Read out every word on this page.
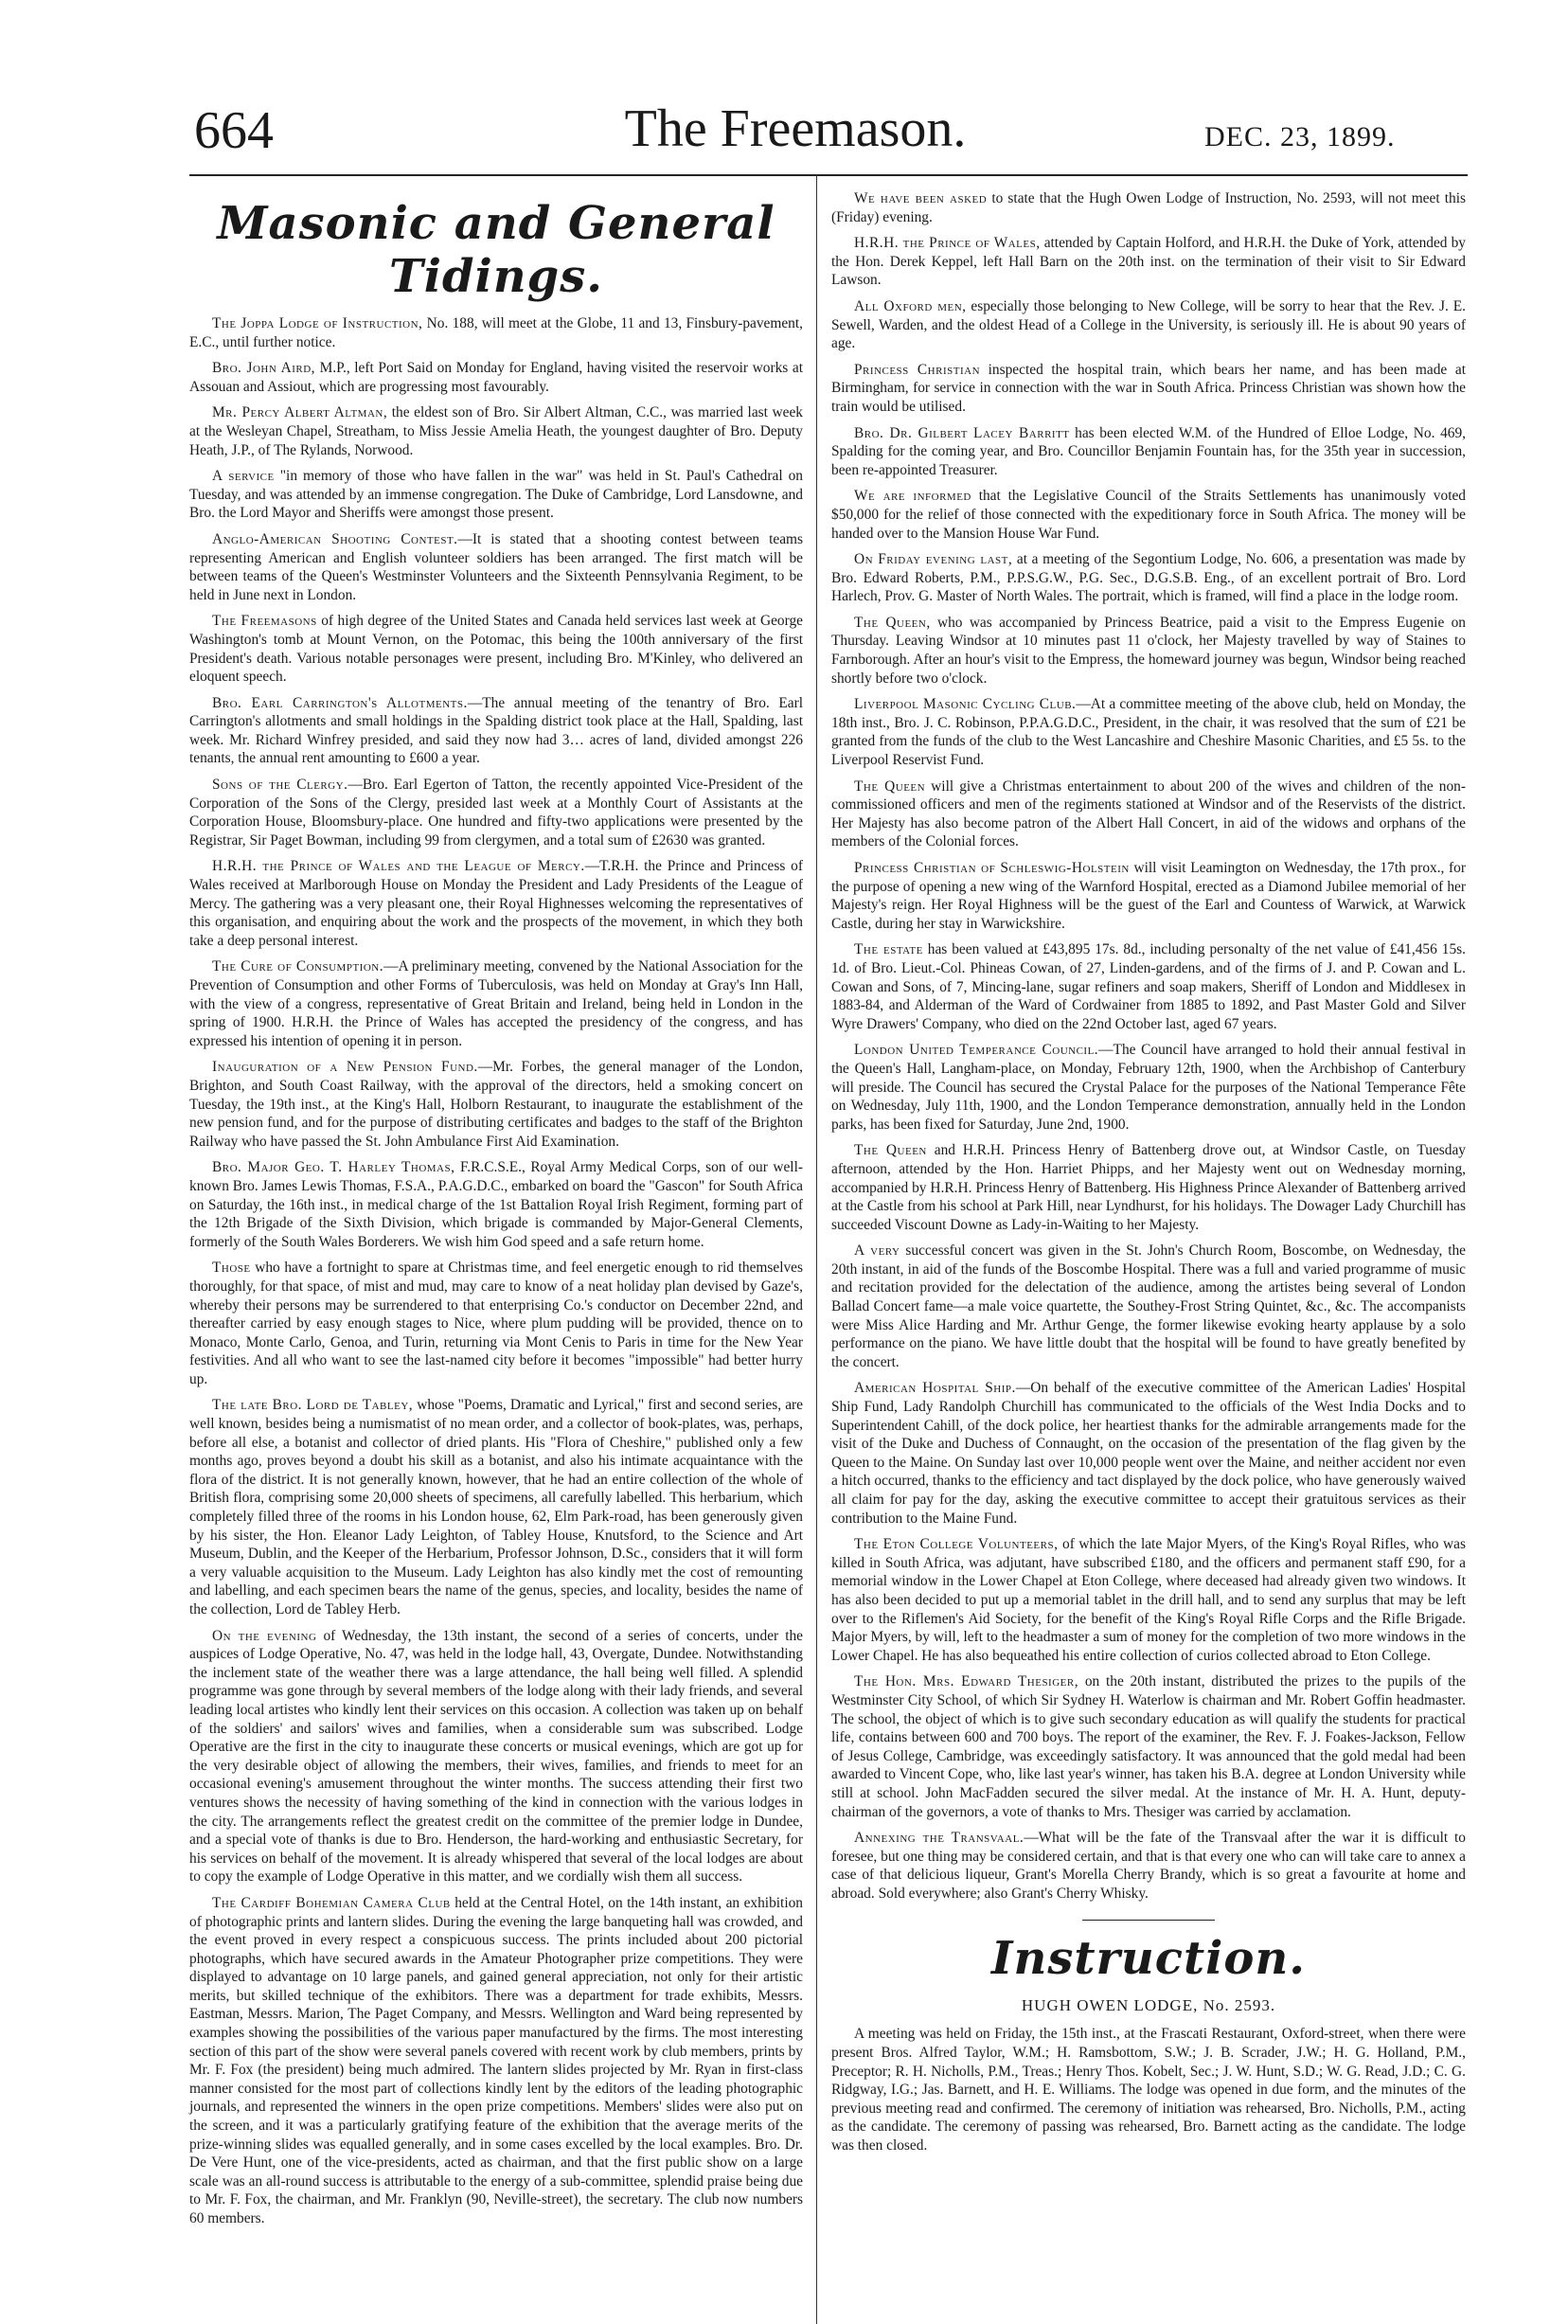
664	The Freemason.	DEC. 23, 1899.
Masonic and General Tidings.

The Joppa Lodge of Instruction, No. 188, will meet at the Globe, 11 and 13, Finsbury-pavement, E.C., until further notice.

Bro. John Aird, M.P., left Port Said on Monday for England, having visited the reservoir works at Assouan and Assiout, which are progressing most favourably.

Mr. Percy Albert Altman, the eldest son of Bro. Sir Albert Altman, C.C., was married last week at the Wesleyan Chapel, Streatham, to Miss Jessie Amelia Heath, the youngest daughter of Bro. Deputy Heath, J.P., of The Rylands, Norwood.

A service "in memory of those who have fallen in the war" was held in St. Paul's Cathedral on Tuesday, and was attended by an immense congregation. The Duke of Cambridge, Lord Lansdowne, and Bro. the Lord Mayor and Sheriffs were amongst those present.

Anglo-American Shooting Contest.—It is stated that a shooting contest between teams representing American and English volunteer soldiers has been arranged. The first match will be between teams of the Queen's Westminster Volunteers and the Sixteenth Pennsylvania Regiment, to be held in June next in London.

The Freemasons of high degree of the United States and Canada held services last week at George Washington's tomb at Mount Vernon, on the Potomac, this being the 100th anniversary of the first President's death. Various notable personages were present, including Bro. M'Kinley, who delivered an eloquent speech.

Bro. Earl Carrington's Allotments.—The annual meeting of the tenantry of Bro. Earl Carrington's allotments and small holdings in the Spalding district took place at the Hall, Spalding, last week. Mr. Richard Winfrey presided, and said they now had 3… acres of land, divided amongst 226 tenants, the annual rent amounting to £600 a year.

Sons of the Clergy.—Bro. Earl Egerton of Tatton, the recently appointed Vice-President of the Corporation of the Sons of the Clergy, presided last week at a Monthly Court of Assistants at the Corporation House, Bloomsbury-place. One hundred and fifty-two applications were presented by the Registrar, Sir Paget Bowman, including 99 from clergymen, and a total sum of £2630 was granted.

H.R.H. the Prince of Wales and the League of Mercy.—T.R.H. the Prince and Princess of Wales received at Marlborough House on Monday the President and Lady Presidents of the League of Mercy. The gathering was a very pleasant one, their Royal Highnesses welcoming the representatives of this organisation, and enquiring about the work and the prospects of the movement, in which they both take a deep personal interest.

The Cure of Consumption.—A preliminary meeting, convened by the National Association for the Prevention of Consumption and other Forms of Tuberculosis, was held on Monday at Gray's Inn Hall, with the view of a congress, representative of Great Britain and Ireland, being held in London in the spring of 1900. H.R.H. the Prince of Wales has accepted the presidency of the congress, and has expressed his intention of opening it in person.

Inauguration of a New Pension Fund.—Mr. Forbes, the general manager of the London, Brighton, and South Coast Railway, with the approval of the directors, held a smoking concert on Tuesday, the 19th inst., at the King's Hall, Holborn Restaurant, to inaugurate the establishment of the new pension fund, and for the purpose of distributing certificates and badges to the staff of the Brighton Railway who have passed the St. John Ambulance First Aid Examination.

Bro. Major Geo. T. Harley Thomas, F.R.C.S.E., Royal Army Medical Corps, son of our well-known Bro. James Lewis Thomas, F.S.A., P.A.G.D.C., embarked on board the "Gascon" for South Africa on Saturday, the 16th inst., in medical charge of the 1st Battalion Royal Irish Regiment, forming part of the 12th Brigade of the Sixth Division, which brigade is commanded by Major-General Clements, formerly of the South Wales Borderers. We wish him God speed and a safe return home.

Those who have a fortnight to spare at Christmas time, and feel energetic enough to rid themselves thoroughly, for that space, of mist and mud, may care to know of a neat holiday plan devised by Gaze's, whereby their persons may be surrendered to that enterprising Co.'s conductor on December 22nd, and thereafter carried by easy enough stages to Nice, where plum pudding will be provided, thence on to Monaco, Monte Carlo, Genoa, and Turin, returning via Mont Cenis to Paris in time for the New Year festivities. And all who want to see the last-named city before it becomes "impossible" had better hurry up.

The late Bro. Lord de Tabley, whose "Poems, Dramatic and Lyrical," first and second series, are well known, besides being a numismatist of no mean order, and a collector of book-plates, was, perhaps, before all else, a botanist and collector of dried plants. His "Flora of Cheshire," published only a few months ago, proves beyond a doubt his skill as a botanist, and also his intimate acquaintance with the flora of the district. It is not generally known, however, that he had an entire collection of the whole of British flora, comprising some 20,000 sheets of specimens, all carefully labelled. This herbarium, which completely filled three of the rooms in his London house, 62, Elm Park-road, has been generously given by his sister, the Hon. Eleanor Lady Leighton, of Tabley House, Knutsford, to the Science and Art Museum, Dublin, and the Keeper of the Herbarium, Professor Johnson, D.Sc., considers that it will form a very valuable acquisition to the Museum. Lady Leighton has also kindly met the cost of remounting and labelling, and each specimen bears the name of the genus, species, and locality, besides the name of the collection, Lord de Tabley Herb.

On the evening of Wednesday, the 13th instant, the second of a series of concerts, under the auspices of Lodge Operative, No. 47, was held in the lodge hall, 43, Overgate, Dundee. Notwithstanding the inclement state of the weather there was a large attendance, the hall being well filled. A splendid programme was gone through by several members of the lodge along with their lady friends, and several leading local artistes who kindly lent their services on this occasion. A collection was taken up on behalf of the soldiers' and sailors' wives and families, when a considerable sum was subscribed. Lodge Operative are the first in the city to inaugurate these concerts or musical evenings, which are got up for the very desirable object of allowing the members, their wives, families, and friends to meet for an occasional evening's amusement throughout the winter months. The success attending their first two ventures shows the necessity of having something of the kind in connection with the various lodges in the city. The arrangements reflect the greatest credit on the committee of the premier lodge in Dundee, and a special vote of thanks is due to Bro. Henderson, the hard-working and enthusiastic Secretary, for his services on behalf of the movement. It is already whispered that several of the local lodges are about to copy the example of Lodge Operative in this matter, and we cordially wish them all success.

The Cardiff Bohemian Camera Club held at the Central Hotel, on the 14th instant, an exhibition of photographic prints and lantern slides. During the evening the large banqueting hall was crowded, and the event proved in every respect a conspicuous success. The prints included about 200 pictorial photographs, which have secured awards in the Amateur Photographer prize competitions. They were displayed to advantage on 10 large panels, and gained general appreciation, not only for their artistic merits, but skilled technique of the exhibitors. There was a department for trade exhibits, Messrs. Eastman, Messrs. Marion, The Paget Company, and Messrs. Wellington and Ward being represented by examples showing the possibilities of the various paper manufactured by the firms. The most interesting section of this part of the show were several panels covered with recent work by club members, prints by Mr. F. Fox (the president) being much admired. The lantern slides projected by Mr. Ryan in first-class manner consisted for the most part of collections kindly lent by the editors of the leading photographic journals, and represented the winners in the open prize competitions. Members' slides were also put on the screen, and it was a particularly gratifying feature of the exhibition that the average merits of the prize-winning slides was equalled generally, and in some cases excelled by the local examples. Bro. Dr. De Vere Hunt, one of the vice-presidents, acted as chairman, and that the first public show on a large scale was an all-round success is attributable to the energy of a sub-committee, splendid praise being due to Mr. F. Fox, the chairman, and Mr. Franklyn (90, Neville-street), the secretary. The club now numbers 60 members.

We have been asked to state that the Hugh Owen Lodge of Instruction, No. 2593, will not meet this (Friday) evening.

H.R.H. the Prince of Wales, attended by Captain Holford, and H.R.H. the Duke of York, attended by the Hon. Derek Keppel, left Hall Barn on the 20th inst. on the termination of their visit to Sir Edward Lawson.

All Oxford men, especially those belonging to New College, will be sorry to hear that the Rev. J. E. Sewell, Warden, and the oldest Head of a College in the University, is seriously ill. He is about 90 years of age.

Princess Christian inspected the hospital train, which bears her name, and has been made at Birmingham, for service in connection with the war in South Africa. Princess Christian was shown how the train would be utilised.

Bro. Dr. Gilbert Lacey Barritt has been elected W.M. of the Hundred of Elloe Lodge, No. 469, Spalding for the coming year, and Bro. Councillor Benjamin Fountain has, for the 35th year in succession, been re-appointed Treasurer.

We are informed that the Legislative Council of the Straits Settlements has unanimously voted $50,000 for the relief of those connected with the expeditionary force in South Africa. The money will be handed over to the Mansion House War Fund.

On Friday evening last, at a meeting of the Segontium Lodge, No. 606, a presentation was made by Bro. Edward Roberts, P.M., P.P.S.G.W., P.G. Sec., D.G.S.B. Eng., of an excellent portrait of Bro. Lord Harlech, Prov. G. Master of North Wales. The portrait, which is framed, will find a place in the lodge room.

The Queen, who was accompanied by Princess Beatrice, paid a visit to the Empress Eugenie on Thursday. Leaving Windsor at 10 minutes past 11 o'clock, her Majesty travelled by way of Staines to Farnborough. After an hour's visit to the Empress, the homeward journey was begun, Windsor being reached shortly before two o'clock.

Liverpool Masonic Cycling Club.—At a committee meeting of the above club, held on Monday, the 18th inst., Bro. J. C. Robinson, P.P.A.G.D.C., President, in the chair, it was resolved that the sum of £21 be granted from the funds of the club to the West Lancashire and Cheshire Masonic Charities, and £5 5s. to the Liverpool Reservist Fund.

The Queen will give a Christmas entertainment to about 200 of the wives and children of the non-commissioned officers and men of the regiments stationed at Windsor and of the Reservists of the district. Her Majesty has also become patron of the Albert Hall Concert, in aid of the widows and orphans of the members of the Colonial forces.

Princess Christian of Schleswig-Holstein will visit Leamington on Wednesday, the 17th prox., for the purpose of opening a new wing of the Warnford Hospital, erected as a Diamond Jubilee memorial of her Majesty's reign. Her Royal Highness will be the guest of the Earl and Countess of Warwick, at Warwick Castle, during her stay in Warwickshire.

The estate has been valued at £43,895 17s. 8d., including personalty of the net value of £41,456 15s. 1d. of Bro. Lieut.-Col. Phineas Cowan, of 27, Linden-gardens, and of the firms of J. and P. Cowan and L. Cowan and Sons, of 7, Mincing-lane, sugar refiners and soap makers, Sheriff of London and Middlesex in 1883-84, and Alderman of the Ward of Cordwainer from 1885 to 1892, and Past Master Gold and Silver Wyre Drawers' Company, who died on the 22nd October last, aged 67 years.

London United Temperance Council.—The Council have arranged to hold their annual festival in the Queen's Hall, Langham-place, on Monday, February 12th, 1900, when the Archbishop of Canterbury will preside. The Council has secured the Crystal Palace for the purposes of the National Temperance Fête on Wednesday, July 11th, 1900, and the London Temperance demonstration, annually held in the London parks, has been fixed for Saturday, June 2nd, 1900.

The Queen and H.R.H. Princess Henry of Battenberg drove out, at Windsor Castle, on Tuesday afternoon, attended by the Hon. Harriet Phipps, and her Majesty went out on Wednesday morning, accompanied by H.R.H. Princess Henry of Battenberg. His Highness Prince Alexander of Battenberg arrived at the Castle from his school at Park Hill, near Lyndhurst, for his holidays. The Dowager Lady Churchill has succeeded Viscount Downe as Lady-in-Waiting to her Majesty.

A very successful concert was given in the St. John's Church Room, Boscombe, on Wednesday, the 20th instant, in aid of the funds of the Boscombe Hospital. There was a full and varied programme of music and recitation provided for the delectation of the audience, among the artistes being several of London Ballad Concert fame—a male voice quartette, the Southey-Frost String Quintet, &c., &c. The accompanists were Miss Alice Harding and Mr. Arthur Genge, the former likewise evoking hearty applause by a solo performance on the piano. We have little doubt that the hospital will be found to have greatly benefited by the concert.

American Hospital Ship.—On behalf of the executive committee of the American Ladies' Hospital Ship Fund, Lady Randolph Churchill has communicated to the officials of the West India Docks and to Superintendent Cahill, of the dock police, her heartiest thanks for the admirable arrangements made for the visit of the Duke and Duchess of Connaught, on the occasion of the presentation of the flag given by the Queen to the Maine. On Sunday last over 10,000 people went over the Maine, and neither accident nor even a hitch occurred, thanks to the efficiency and tact displayed by the dock police, who have generously waived all claim for pay for the day, asking the executive committee to accept their gratuitous services as their contribution to the Maine Fund.

The Eton College Volunteers, of which the late Major Myers, of the King's Royal Rifles, who was killed in South Africa, was adjutant, have subscribed £180, and the officers and permanent staff £90, for a memorial window in the Lower Chapel at Eton College, where deceased had already given two windows. It has also been decided to put up a memorial tablet in the drill hall, and to send any surplus that may be left over to the Riflemen's Aid Society, for the benefit of the King's Royal Rifle Corps and the Rifle Brigade. Major Myers, by will, left to the headmaster a sum of money for the completion of two more windows in the Lower Chapel. He has also bequeathed his entire collection of curios collected abroad to Eton College.

The Hon. Mrs. Edward Thesiger, on the 20th instant, distributed the prizes to the pupils of the Westminster City School, of which Sir Sydney H. Waterlow is chairman and Mr. Robert Goffin headmaster. The school, the object of which is to give such secondary education as will qualify the students for practical life, contains between 600 and 700 boys. The report of the examiner, the Rev. F. J. Foakes-Jackson, Fellow of Jesus College, Cambridge, was exceedingly satisfactory. It was announced that the gold medal had been awarded to Vincent Cope, who, like last year's winner, has taken his B.A. degree at London University while still at school. John MacFadden secured the silver medal. At the instance of Mr. H. A. Hunt, deputy-chairman of the governors, a vote of thanks to Mrs. Thesiger was carried by acclamation.

Annexing the Transvaal.—What will be the fate of the Transvaal after the war it is difficult to foresee, but one thing may be considered certain, and that is that every one who can will take care to annex a case of that delicious liqueur, Grant's Morella Cherry Brandy, which is so great a favourite at home and abroad. Sold everywhere; also Grant's Cherry Whisky.

Instruction.
HUGH OWEN LODGE, No. 2593.

A meeting was held on Friday, the 15th inst., at the Frascati Restaurant, Oxford-street, when there were present Bros. Alfred Taylor, W.M.; H. Ramsbottom, S.W.; J. B. Scrader, J.W.; H. G. Holland, P.M., Preceptor; R. H. Nicholls, P.M., Treas.; Henry Thos. Kobelt, Sec.; J. W. Hunt, S.D.; W. G. Read, J.D.; C. G. Ridgway, I.G.; Jas. Barnett, and H. E. Williams. The lodge was opened in due form, and the minutes of the previous meeting read and confirmed. The ceremony of initiation was rehearsed, Bro. Nicholls, P.M., acting as the candidate. The ceremony of passing was rehearsed, Bro. Barnett acting as the candidate. The lodge was then closed.
